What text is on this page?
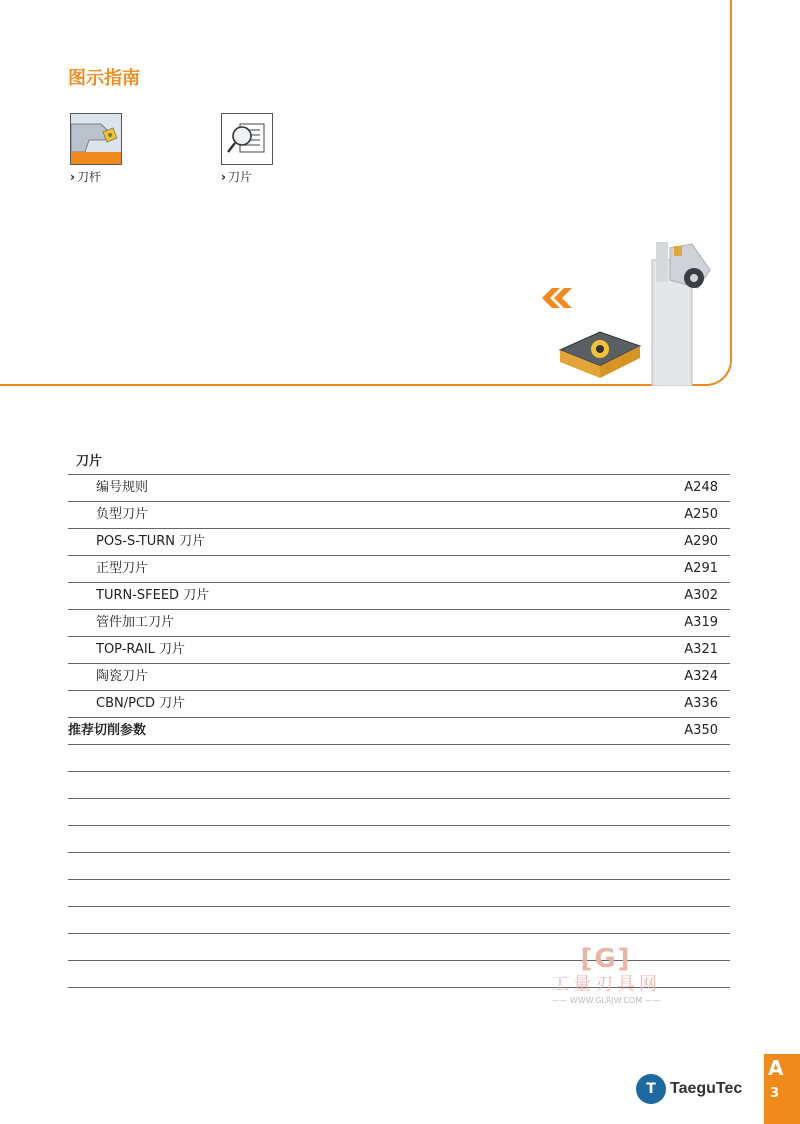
图示指南
› 刀杆	› 刀片
刀片
编号规则	A248
负型刀片	A250
POS-S-TURN 刀片	A290
正型刀片	A291
TURN-SFEED 刀片	A302
管件加工刀片	A319
TOP-RAIL 刀片	A321
陶瓷刀片	A324
CBN/PCD 刀片	A336
推荐切削参数	A350
[G]
工量刃具网
—— WWW.GLRJW.COM ——
T TaeguTec
A
3
